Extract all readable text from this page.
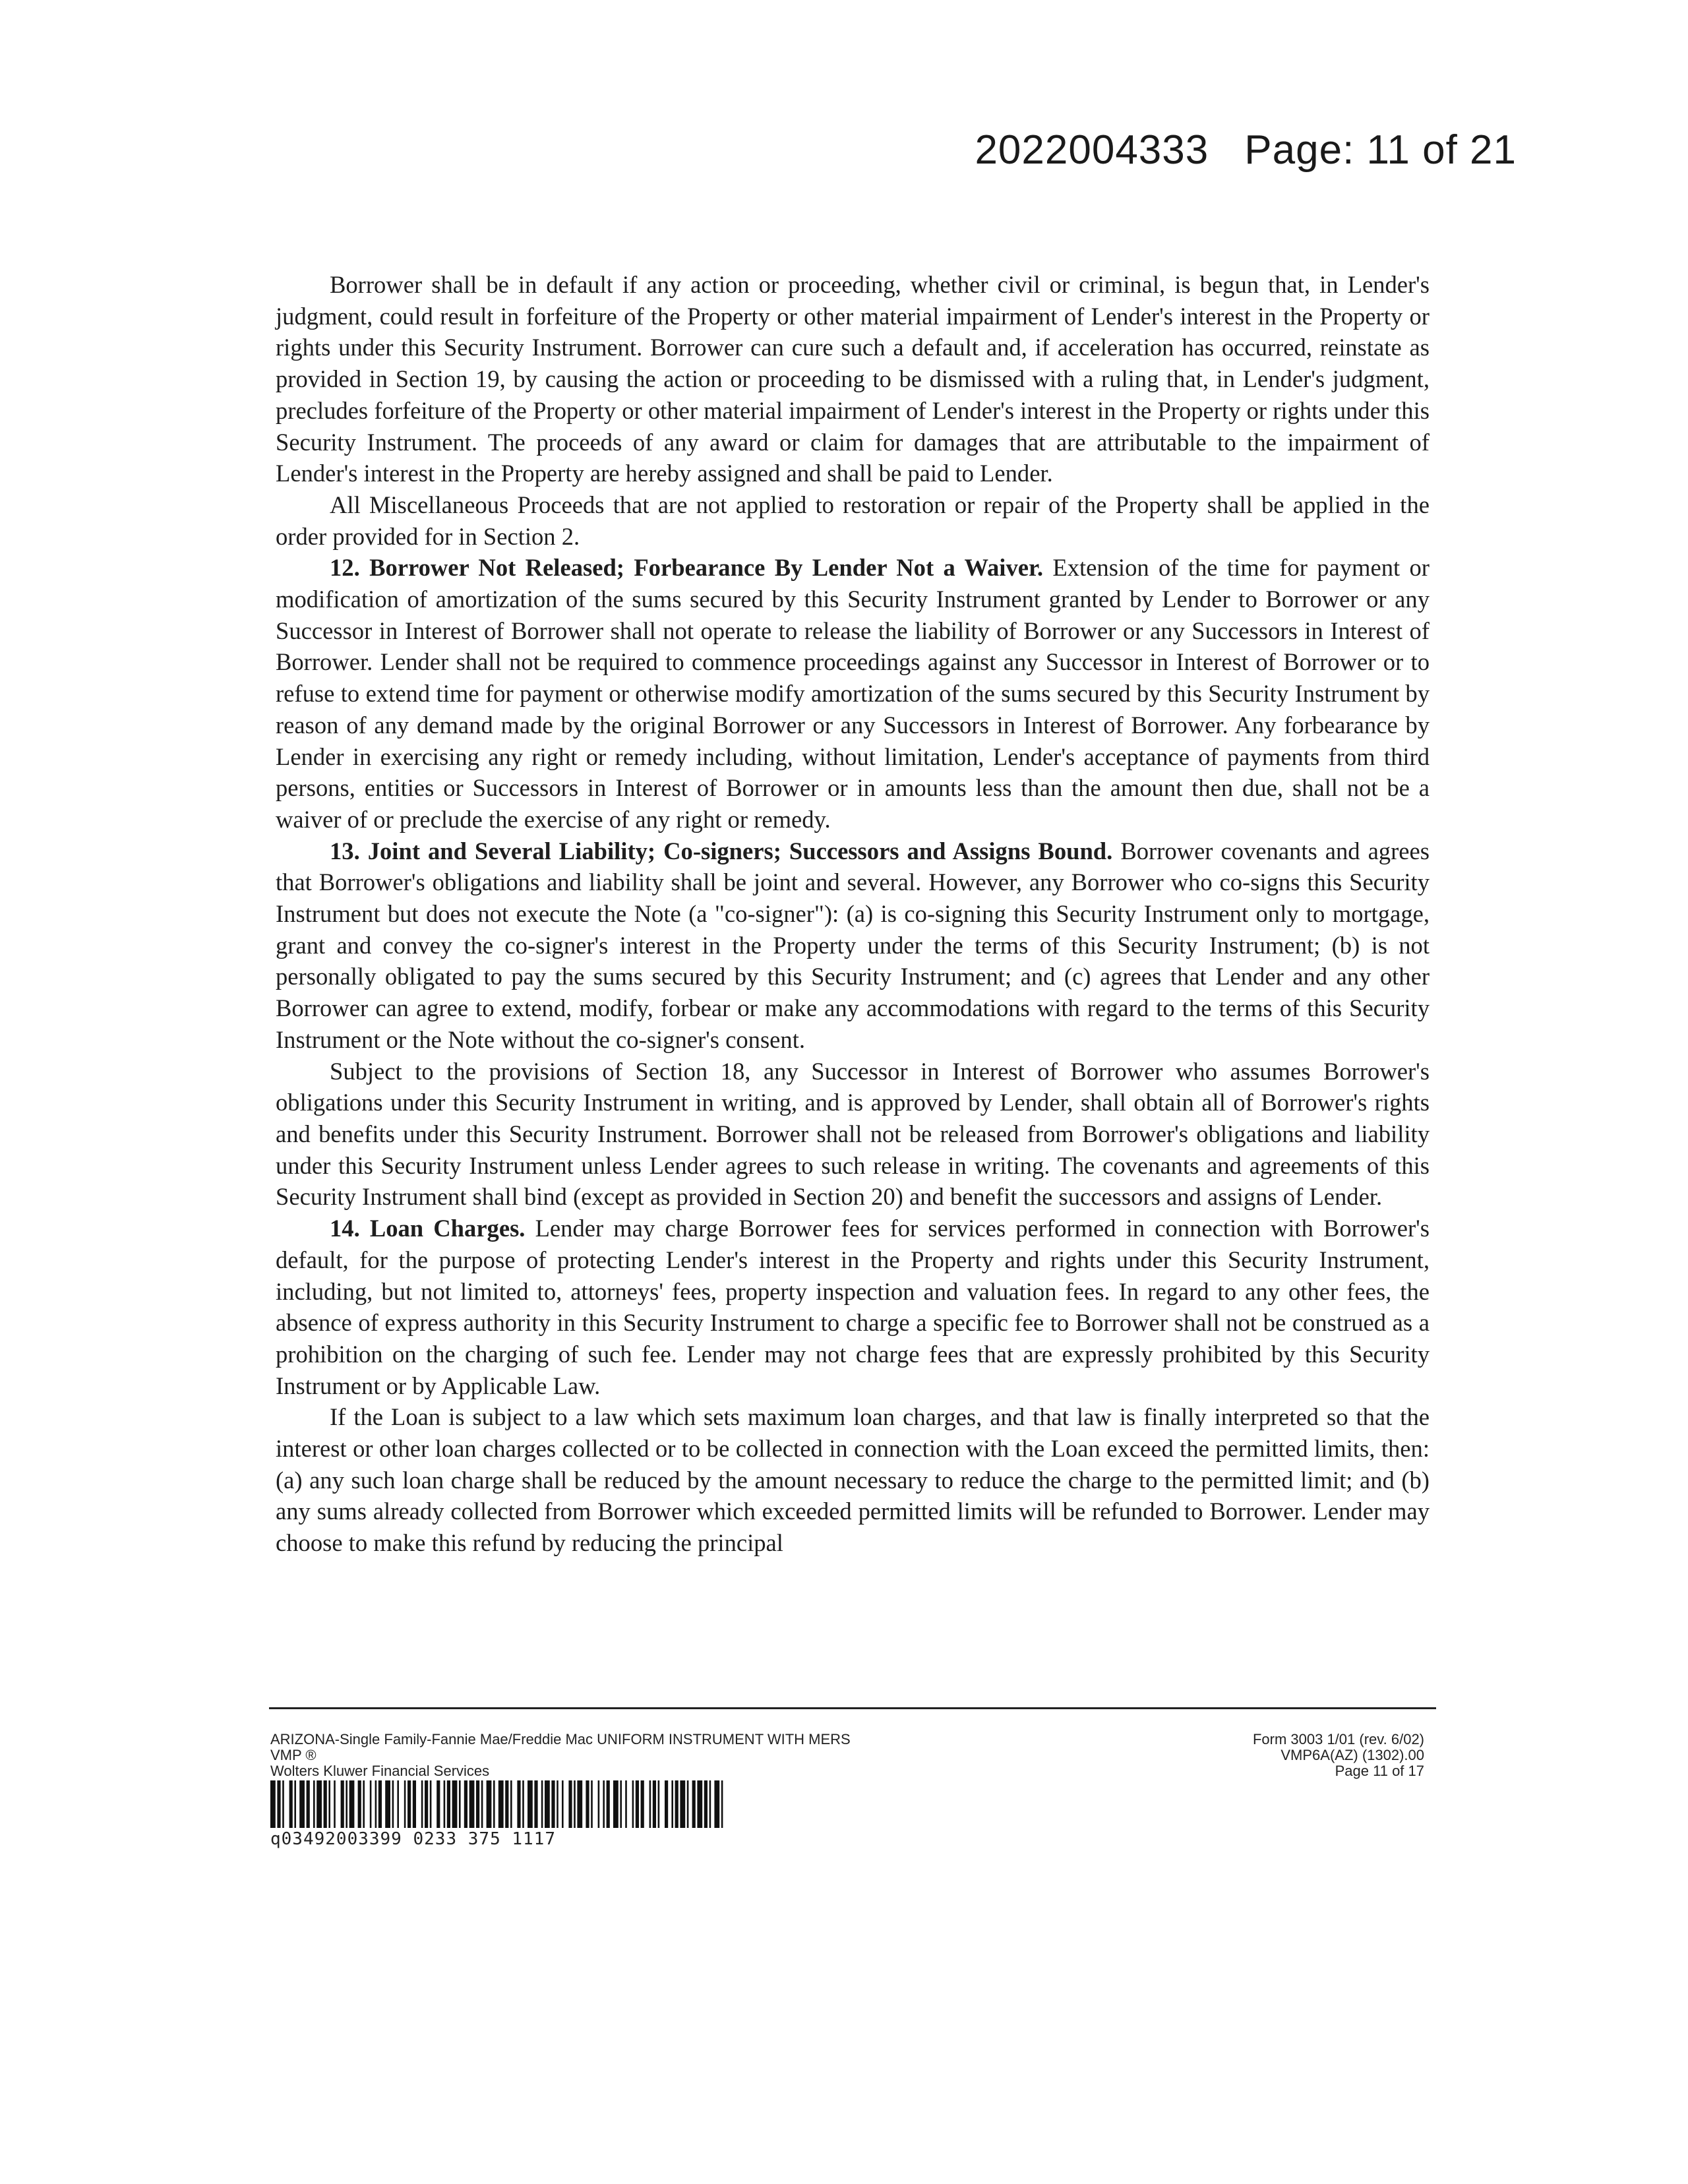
2022004333 Page: 11 of 21

Borrower shall be in default if any action or proceeding, whether civil or criminal, is begun that, in Lender's judgment, could result in forfeiture of the Property or other material impairment of Lender's interest in the Property or rights under this Security Instrument. Borrower can cure such a default and, if acceleration has occurred, reinstate as provided in Section 19, by causing the action or proceeding to be dismissed with a ruling that, in Lender's judgment, precludes forfeiture of the Property or other material impairment of Lender's interest in the Property or rights under this Security Instrument. The proceeds of any award or claim for damages that are attributable to the impairment of Lender's interest in the Property are hereby assigned and shall be paid to Lender.

All Miscellaneous Proceeds that are not applied to restoration or repair of the Property shall be applied in the order provided for in Section 2.

12. Borrower Not Released; Forbearance By Lender Not a Waiver. Extension of the time for payment or modification of amortization of the sums secured by this Security Instrument granted by Lender to Borrower or any Successor in Interest of Borrower shall not operate to release the liability of Borrower or any Successors in Interest of Borrower. Lender shall not be required to commence proceedings against any Successor in Interest of Borrower or to refuse to extend time for payment or otherwise modify amortization of the sums secured by this Security Instrument by reason of any demand made by the original Borrower or any Successors in Interest of Borrower. Any forbearance by Lender in exercising any right or remedy including, without limitation, Lender's acceptance of payments from third persons, entities or Successors in Interest of Borrower or in amounts less than the amount then due, shall not be a waiver of or preclude the exercise of any right or remedy.

13. Joint and Several Liability; Co-signers; Successors and Assigns Bound. Borrower covenants and agrees that Borrower's obligations and liability shall be joint and several. However, any Borrower who co-signs this Security Instrument but does not execute the Note (a "co-signer"): (a) is co-signing this Security Instrument only to mortgage, grant and convey the co-signer's interest in the Property under the terms of this Security Instrument; (b) is not personally obligated to pay the sums secured by this Security Instrument; and (c) agrees that Lender and any other Borrower can agree to extend, modify, forbear or make any accommodations with regard to the terms of this Security Instrument or the Note without the co-signer's consent.

Subject to the provisions of Section 18, any Successor in Interest of Borrower who assumes Borrower's obligations under this Security Instrument in writing, and is approved by Lender, shall obtain all of Borrower's rights and benefits under this Security Instrument. Borrower shall not be released from Borrower's obligations and liability under this Security Instrument unless Lender agrees to such release in writing. The covenants and agreements of this Security Instrument shall bind (except as provided in Section 20) and benefit the successors and assigns of Lender.

14. Loan Charges. Lender may charge Borrower fees for services performed in connection with Borrower's default, for the purpose of protecting Lender's interest in the Property and rights under this Security Instrument, including, but not limited to, attorneys' fees, property inspection and valuation fees. In regard to any other fees, the absence of express authority in this Security Instrument to charge a specific fee to Borrower shall not be construed as a prohibition on the charging of such fee. Lender may not charge fees that are expressly prohibited by this Security Instrument or by Applicable Law.

If the Loan is subject to a law which sets maximum loan charges, and that law is finally interpreted so that the interest or other loan charges collected or to be collected in connection with the Loan exceed the permitted limits, then: (a) any such loan charge shall be reduced by the amount necessary to reduce the charge to the permitted limit; and (b) any sums already collected from Borrower which exceeded permitted limits will be refunded to Borrower. Lender may choose to make this refund by reducing the principal

ARIZONA-Single Family-Fannie Mae/Freddie Mac UNIFORM INSTRUMENT WITH MERS
VMP ®
Wolters Kluwer Financial Services
Form 3003 1/01 (rev. 6/02)
VMP6A(AZ) (1302).00
Page 11 of 17
q03492003399 0233 375 1117
